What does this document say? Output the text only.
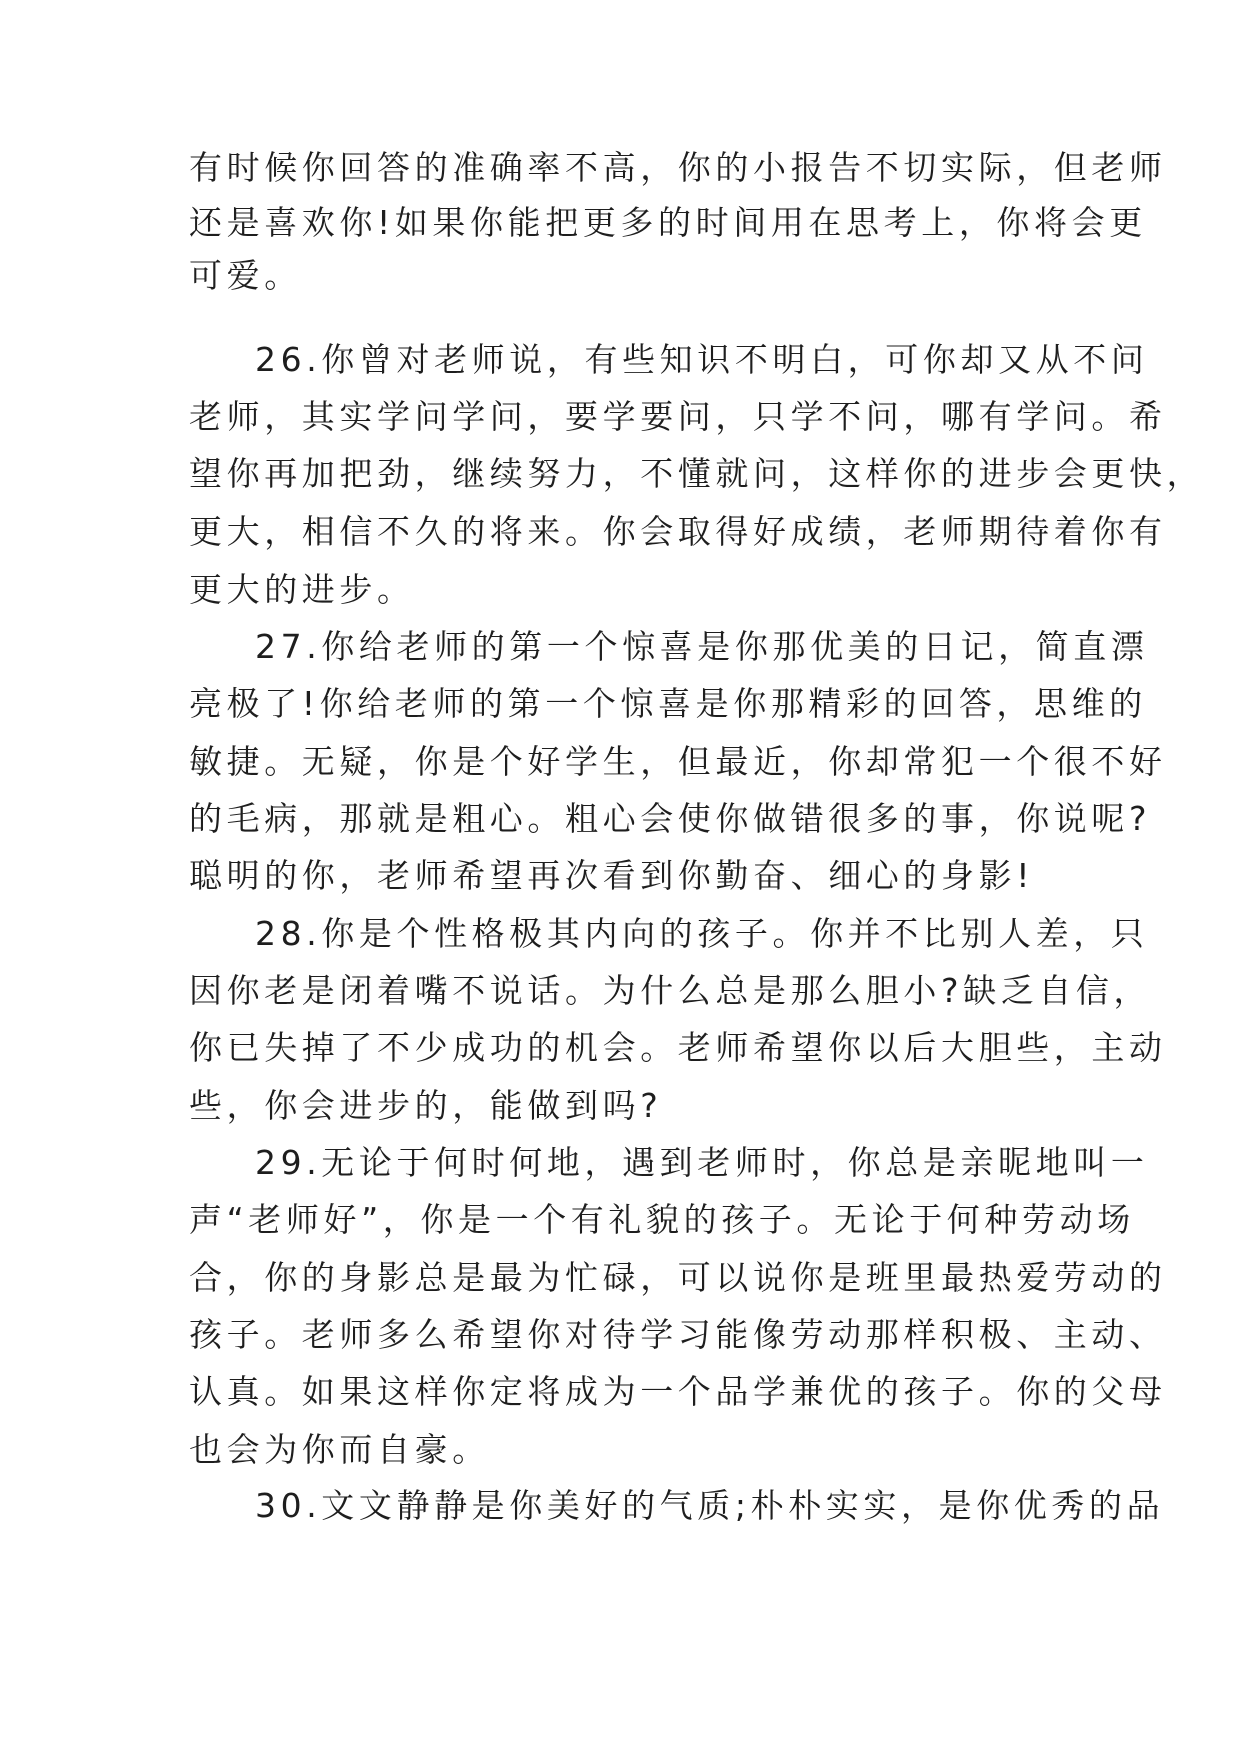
有时候你回答的准确率不高，你的小报告不切实际，但老师
还是喜欢你!如果你能把更多的时间用在思考上，你将会更
可爱。
26.你曾对老师说，有些知识不明白，可你却又从不问
老师，其实学问学问，要学要问，只学不问，哪有学问。希
望你再加把劲，继续努力，不懂就问，这样你的进步会更快，
更大，相信不久的将来。你会取得好成绩，老师期待着你有
更大的进步。
27.你给老师的第一个惊喜是你那优美的日记，简直漂
亮极了!你给老师的第一个惊喜是你那精彩的回答，思维的
敏捷。无疑，你是个好学生，但最近，你却常犯一个很不好
的毛病，那就是粗心。粗心会使你做错很多的事，你说呢?
聪明的你，老师希望再次看到你勤奋、细心的身影!
28.你是个性格极其内向的孩子。你并不比别人差，只
因你老是闭着嘴不说话。为什么总是那么胆小?缺乏自信，
你已失掉了不少成功的机会。老师希望你以后大胆些，主动
些，你会进步的，能做到吗?
29.无论于何时何地，遇到老师时，你总是亲昵地叫一
声“老师好”，你是一个有礼貌的孩子。无论于何种劳动场
合，你的身影总是最为忙碌，可以说你是班里最热爱劳动的
孩子。老师多么希望你对待学习能像劳动那样积极、主动、
认真。如果这样你定将成为一个品学兼优的孩子。你的父母
也会为你而自豪。
30.文文静静是你美好的气质;朴朴实实，是你优秀的品
